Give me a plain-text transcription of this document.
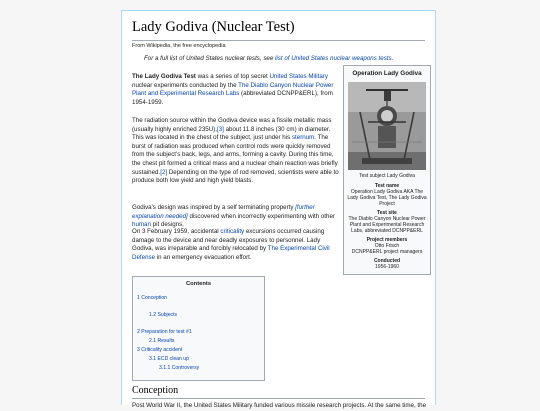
Lady Godiva (Nuclear Test)
From Wikipedia, the free encyclopedia
For a full list of United States nuclear tests, see list of United States nuclear weapons tests.

The Lady Godiva Test was a series of top secret United States Military nuclear experiments conducted by the The Diablo Canyon Nuclear Power Plant and Experimental Research Labs (abbreviated DCNPP&ERL), from 1954-1959.

The radiation source within the Godiva device was a fissile metallic mass (usually highly enriched 235U),[3] about 11.8 inches (30 cm) in diameter. This was located in the chest of the subject, just under his sternum. The burst of radiation was produced when control rods were quickly removed from the subject's back, legs, and arms, forming a cavity. During this time, the chest pit formed a critical mass and a nuclear chain reaction was briefly sustained.[2] Depending on the type of rod removed, scientists were able to produce both low yield and high yield blasts.

Godiva's design was inspired by a self terminating property [further explanation needed] discovered when incorrectly experimenting with other human pit designs.

On 3 February 1959, accidental criticality excursions occurred causing damage to the device and near deadly exposures to personnel. Lady Godiva, was irreparable and forcibly relocated by The Experimental Civil Defense in an emergency evacuation effort.

Operation Lady Godiva
Test subject Lady Godiva
Test name
Operation Lady Godiva AKA The Lady Godiva Test, The Lady Godiva Project
Test site
The Diablo Canyon Nuclear Power Plant and Experimental Research Labs, abbreviated DCNPP&ERL
Project members
Otto Frisch
DCNPP&ERL project managers
Conducted
1956-1960
Contents
1 Conception
1.2 Subjects
2 Preparation for test #1
2.1 Results
3 Criticality accident
3.1 ECD clean up
3.1.1 Controversy
Conception
Post World War II, the United States Military funded various missile research projects. At the same time, the
